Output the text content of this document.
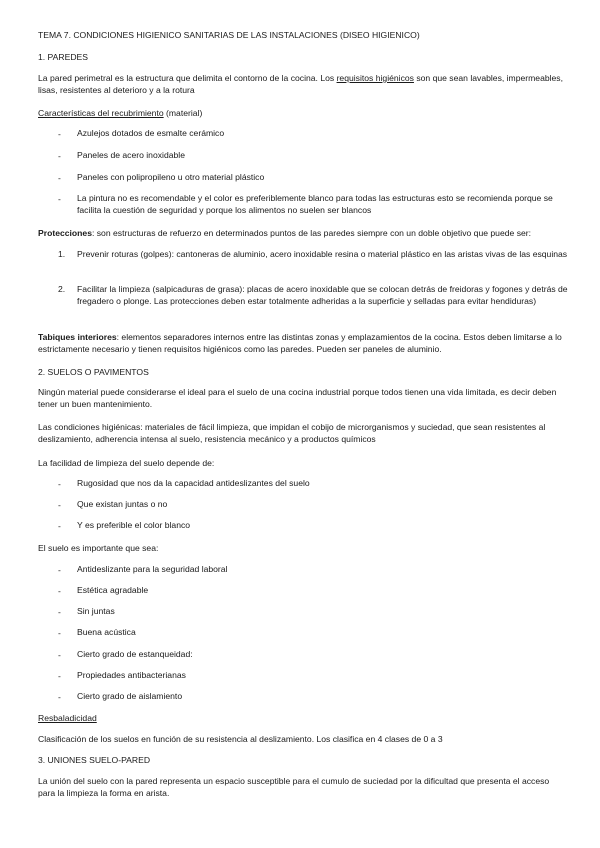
TEMA 7. CONDICIONES HIGIENICO SANITARIAS DE LAS INSTALACIONES (DISEO HIGIENICO)
1. PAREDES
La pared perimetral es la estructura que delimita el contorno de la cocina. Los requisitos higiénicos son que sean lavables, impermeables, lisas, resistentes al deterioro y a la rotura
Características del recubrimiento (material)
- Azulejos dotados de esmalte cerámico
- Paneles de acero inoxidable
- Paneles con polipropileno u otro material plástico
- La pintura no es recomendable y el color es preferiblemente blanco para todas las estructuras esto se recomienda porque se facilita la cuestión de seguridad y porque los alimentos no suelen ser blancos
Protecciones: son estructuras de refuerzo en determinados puntos de las paredes siempre con un doble objetivo que puede ser:
1. Prevenir roturas (golpes): cantoneras de aluminio, acero inoxidable resina o material plástico en las aristas vivas de las esquinas
2. Facilitar la limpieza (salpicaduras de grasa): placas de acero inoxidable que se colocan detrás de freidoras y fogones y detrás de fregadero o plonge. Las protecciones deben estar totalmente adheridas a la superficie y selladas para evitar hendiduras)
Tabiques interiores: elementos separadores internos entre las distintas zonas y emplazamientos de la cocina. Estos deben limitarse a lo estrictamente necesario y tienen requisitos higiénicos como las paredes. Pueden ser paneles de aluminio.
2. SUELOS O PAVIMENTOS
Ningún material puede considerarse el ideal para el suelo de una cocina industrial porque todos tienen una vida limitada, es decir deben tener un buen mantenimiento.
Las condiciones higiénicas: materiales de fácil limpieza, que impidan el cobijo de microrganismos y suciedad, que sean resistentes al deslizamiento, adherencia intensa al suelo, resistencia mecánico y a productos químicos
La facilidad de limpieza del suelo depende de:
- Rugosidad que nos da la capacidad antideslizantes del suelo
- Que existan juntas o no
- Y es preferible el color blanco
El suelo es importante que sea:
- Antideslizante para la seguridad laboral
- Estética agradable
- Sin juntas
- Buena acústica
- Cierto grado de estanqueidad:
- Propiedades antibacterianas
- Cierto grado de aislamiento
Resbaladicidad
Clasificación de los suelos en función de su resistencia al deslizamiento. Los clasifica en 4 clases de 0 a 3
3. UNIONES SUELO-PARED
La unión del suelo con la pared representa un espacio susceptible para el cumulo de suciedad por la dificultad que presenta el acceso para la limpieza la forma en arista.
